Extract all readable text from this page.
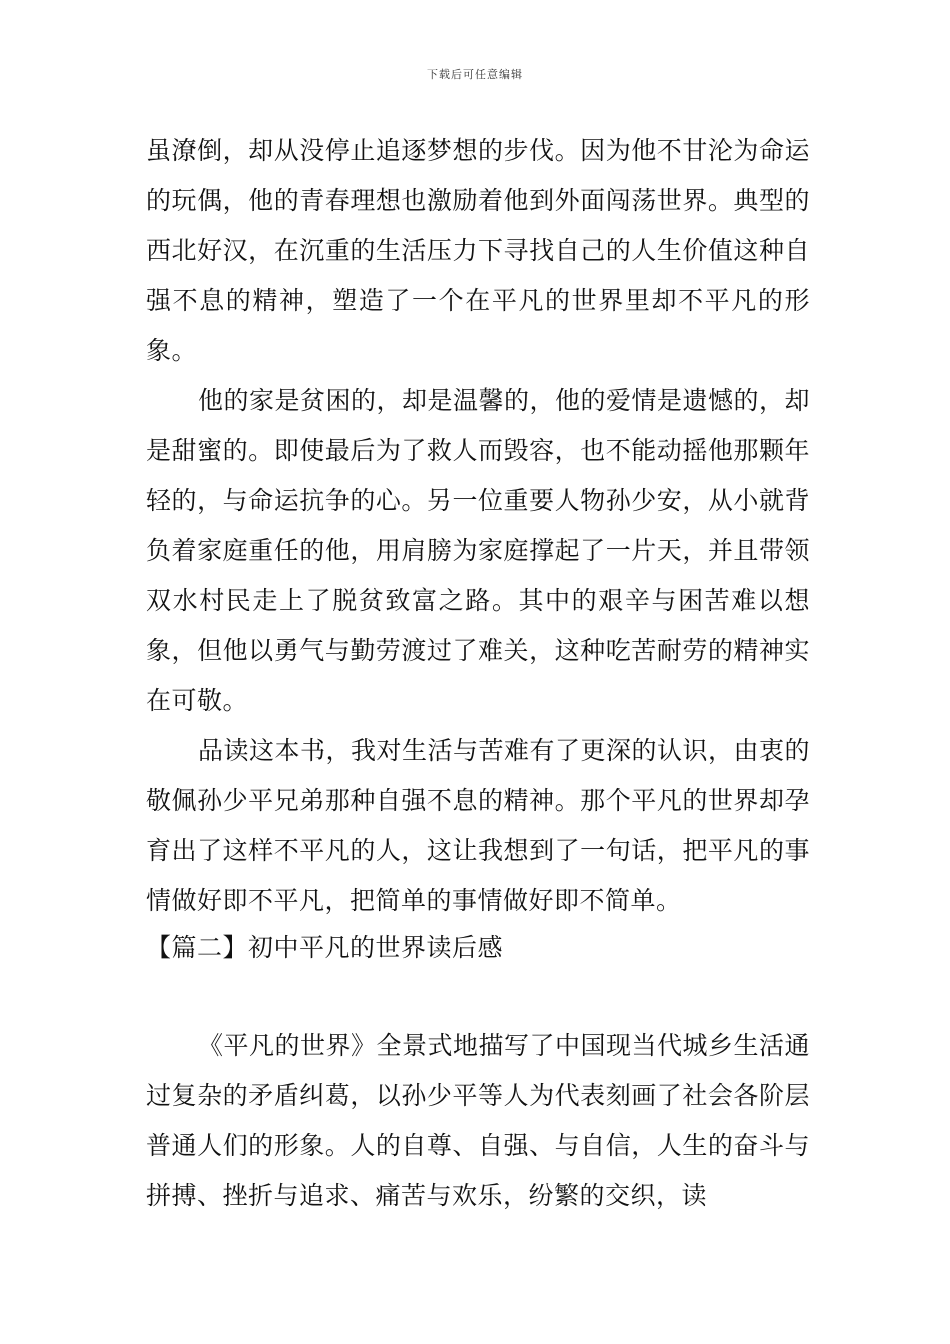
下载后可任意编辑

虽潦倒，却从没停止追逐梦想的步伐。因为他不甘沦为命运的玩偶，他的青春理想也激励着他到外面闯荡世界。典型的西北好汉，在沉重的生活压力下寻找自己的人生价值这种自强不息的精神，塑造了一个在平凡的世界里却不平凡的形象。

他的家是贫困的，却是温馨的，他的爱情是遗憾的，却是甜蜜的。即使最后为了救人而毁容，也不能动摇他那颗年轻的，与命运抗争的心。另一位重要人物孙少安，从小就背负着家庭重任的他，用肩膀为家庭撑起了一片天，并且带领双水村民走上了脱贫致富之路。其中的艰辛与困苦难以想象，但他以勇气与勤劳渡过了难关，这种吃苦耐劳的精神实在可敬。

品读这本书，我对生活与苦难有了更深的认识，由衷的敬佩孙少平兄弟那种自强不息的精神。那个平凡的世界却孕育出了这样不平凡的人，这让我想到了一句话，把平凡的事情做好即不平凡，把简单的事情做好即不简单。

【篇二】初中平凡的世界读后感

《平凡的世界》全景式地描写了中国现当代城乡生活通过复杂的矛盾纠葛，以孙少平等人为代表刻画了社会各阶层普通人们的形象。人的自尊、自强、与自信，人生的奋斗与拼搏、挫折与追求、痛苦与欢乐，纷繁的交织，读
